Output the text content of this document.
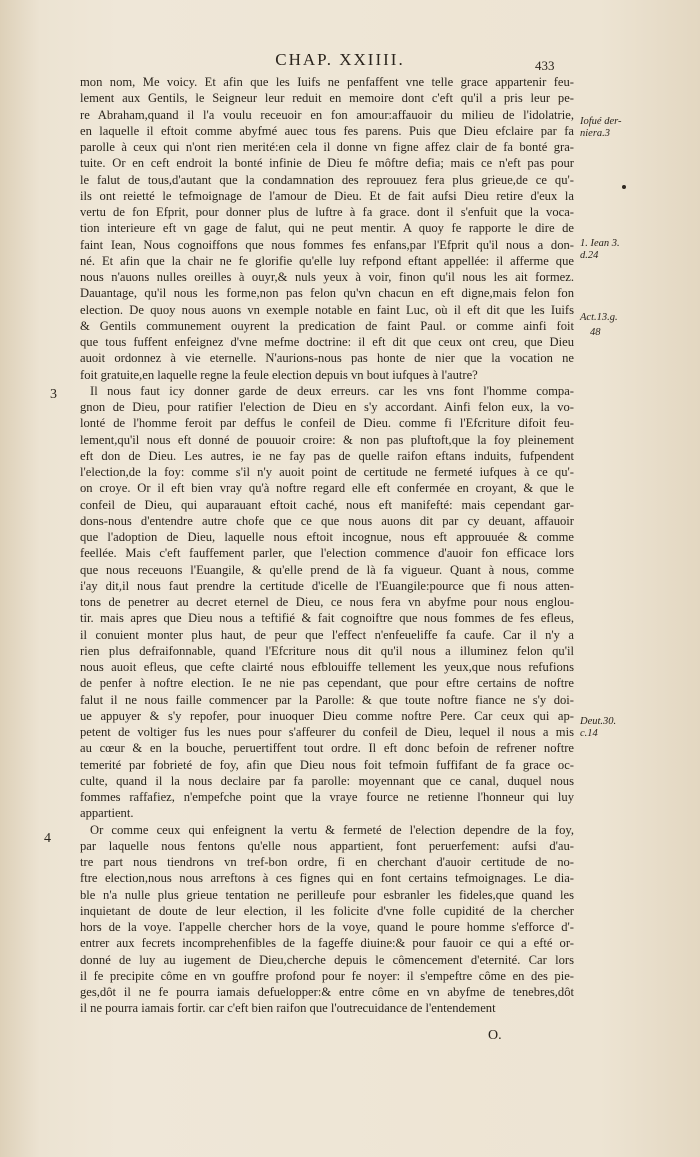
CHAP. XXIIII.	433
mon nom, Me voicy. Et afin que les Iuifs ne penfaffent vne telle grace appartenir feu-
lement aux Gentils, le Seigneur leur reduit en memoire dont c'eft qu'il a pris leur pe-
re Abraham,quand il l'a voulu receuoir en fon amour:affauoir du milieu de l'idolatrie,
en laquelle il eftoit comme abyfmé auec tous fes parens. Puis que Dieu efclaire par fa
parolle à ceux qui n'ont rien merité:en cela il donne vn figne affez clair de fa bonté gra-
tuite. Or en ceft endroit la bonté infinie de Dieu fe môftre defia; mais ce n'eft pas pour
le falut de tous,d'autant que la condamnation des reprouuez fera plus grieue,de ce qu'-
ils ont reietté le tefmoignage de l'amour de Dieu. Et de fait aufsi Dieu retire d'eux la
vertu de fon Efprit, pour donner plus de luftre à fa grace. dont il s'enfuit que la voca-
tion interieure eft vn gage de falut, qui ne peut mentir. A quoy fe rapporte le dire de
faint Iean, Nous cognoiffons que nous fommes fes enfans,par l'Efprit qu'il nous a don-
né. Et afin que la chair ne fe glorifie qu'elle luy refpond eftant appellée: il afferme que
nous n'auons nulles oreilles à ouyr,& nuls yeux à voir, finon qu'il nous les ait formez.
Dauantage, qu'il nous les forme,non pas felon qu'vn chacun en eft digne,mais felon fon
election. De quoy nous auons vn exemple notable en faint Luc, où il eft dit que les Iuifs
& Gentils communement ouyrent la predication de faint Paul. or comme ainfi foit
que tous fuffent enfeignez d'vne mefme doctrine: il eft dit que ceux ont creu, que Dieu
auoit ordonnez à vie eternelle. N'aurions-nous pas honte de nier que la vocation ne
foit gratuite,en laquelle regne la feule election depuis vn bout iufques à l'autre?
Il nous faut icy donner garde de deux erreurs. car les vns font l'homme compa-
gnon de Dieu, pour ratifier l'election de Dieu en s'y accordant. Ainfi felon eux, la vo-
lonté de l'homme feroit par deffus le confeil de Dieu. comme fi l'Efcriture difoit feu-
lement,qu'il nous eft donné de pouuoir croire: & non pas pluftoft,que la foy pleinement
eft don de Dieu. Les autres, ie ne fay pas de quelle raifon eftans induits, fufpendent
l'election,de la foy: comme s'il n'y auoit point de certitude ne fermeté iufques à ce qu'-
on croye. Or il eft bien vray qu'à noftre regard elle eft confermée en croyant, & que le
confeil de Dieu, qui auparauant eftoit caché, nous eft manifefté: mais cependant gar-
dons-nous d'entendre autre chofe que ce que nous auons dit par cy deuant, affauoir
que l'adoption de Dieu, laquelle nous eftoit incognue, nous eft approuuée & comme
feellée. Mais c'eft fauffement parler, que l'election commence d'auoir fon efficace lors
que nous receuons l'Euangile, & qu'elle prend de là fa vigueur. Quant à nous, comme
i'ay dit,il nous faut prendre la certitude d'icelle de l'Euangile:pource que fi nous atten-
tons de penetrer au decret eternel de Dieu, ce nous fera vn abyfme pour nous englou-
tir. mais apres que Dieu nous a teftifié & fait cognoiftre que nous fommes de fes efleus,
il conuient monter plus haut, de peur que l'effect n'enfeueliffe fa caufe. Car il n'y a
rien plus defraifonnable, quand l'Efcriture nous dit qu'il nous a illuminez felon qu'il
nous auoit efleus, que cefte clairté nous efblouiffe tellement les yeux,que nous refufions
de penfer à noftre election. Ie ne nie pas cependant, que pour eftre certains de noftre
falut il ne nous faille commencer par la Parolle: & que toute noftre fiance ne s'y doi-
ue appuyer & s'y repofer, pour inuoquer Dieu comme noftre Pere. Car ceux qui ap-
petent de voltiger fus les nues pour s'affeurer du confeil de Dieu, lequel il nous a mis
au cœur & en la bouche, peruertiffent tout ordre. Il eft donc befoin de refrener noftre
temerité par fobrieté de foy, afin que Dieu nous foit tefmoin fuffifant de fa grace oc-
culte, quand il la nous declaire par fa parolle: moyennant que ce canal, duquel nous
fommes raffafiez, n'empefche point que la vraye fource ne retienne l'honneur qui luy
appartient.
Or comme ceux qui enfeignent la vertu & fermeté de l'election dependre de la foy,
par laquelle nous fentons qu'elle nous appartient, font peruerfement: aufsi d'au-
tre part nous tiendrons vn tref-bon ordre, fi en cherchant d'auoir certitude de no-
ftre election,nous nous arreftons à ces fignes qui en font certains tefmoignages. Le dia-
ble n'a nulle plus grieue tentation ne perilleufe pour esbranler les fideles,que quand les
inquietant de doute de leur election, il les folicite d'vne folle cupidité de la chercher
hors de la voye. I'appelle chercher hors de la voye, quand le poure homme s'efforce d'-
entrer aux fecrets incomprehenfibles de la fageffe diuine:& pour fauoir ce qui a efté or-
donné de luy au iugement de Dieu,cherche depuis le cômencement d'eternité. Car lors
il fe precipite côme en vn gouffre profond pour fe noyer: il s'empeftre côme en des pie-
ges,dôt il ne fe pourra iamais defuelopper:& entre côme en vn abyfme de tenebres,dôt
il ne pourra iamais fortir. car c'eft bien raifon que l'outrecuidance de l'entendement
3
4
Iofué der-
niera.3
1. Iean 3.
d.24
Act.13.g.
48
Deut.30.
c.14
O.
